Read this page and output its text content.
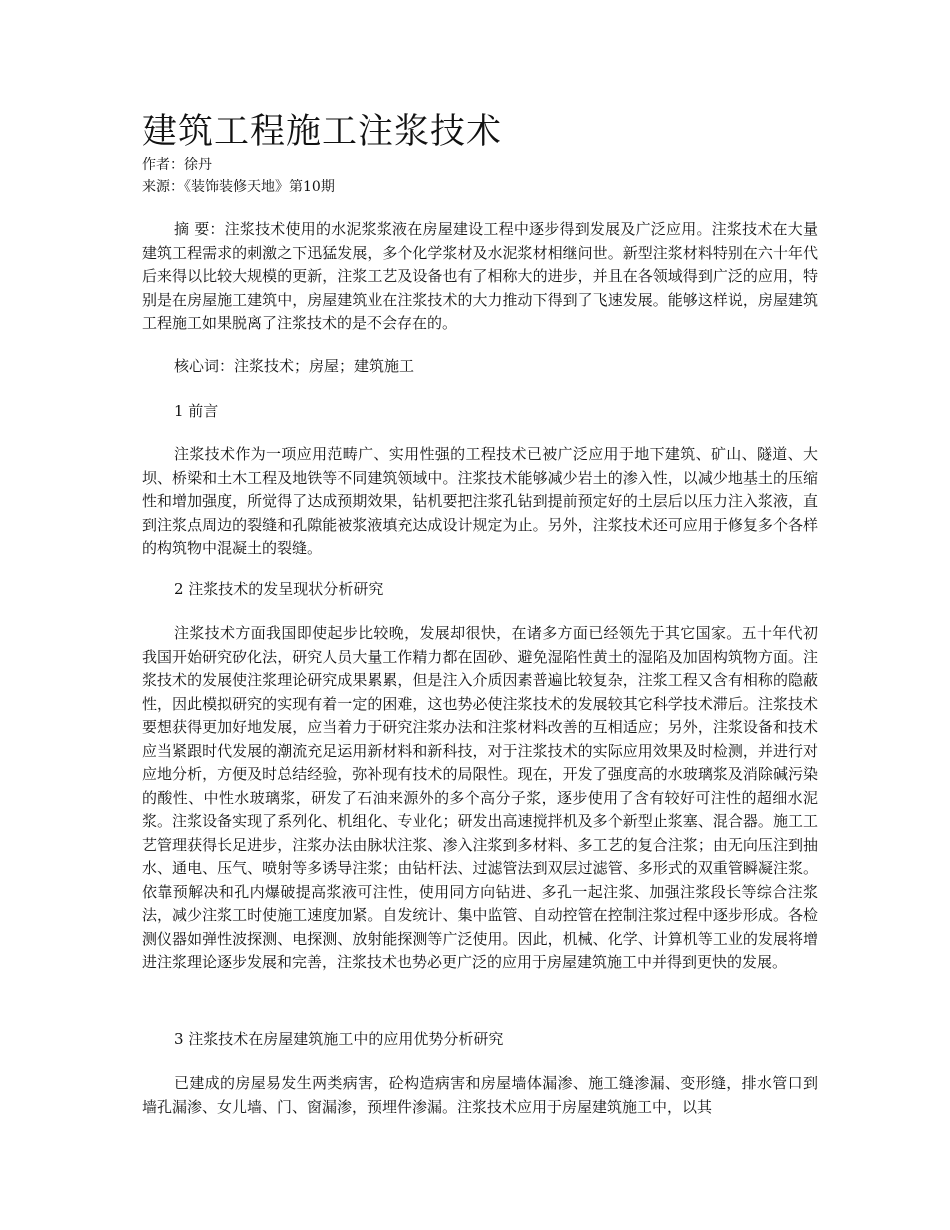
建筑工程施工注浆技术

作者：徐丹

来源：《装饰装修天地》第10期

摘 要：注浆技术使用的水泥浆浆液在房屋建设工程中逐步得到发展及广泛应用。注浆技术在大量建筑工程需求的刺激之下迅猛发展，多个化学浆材及水泥浆材相继问世。新型注浆材料特别在六十年代后来得以比较大规模的更新，注浆工艺及设备也有了相称大的进步，并且在各领域得到广泛的应用，特别是在房屋施工建筑中，房屋建筑业在注浆技术的大力推动下得到了飞速发展。能够这样说，房屋建筑工程施工如果脱离了注浆技术的是不会存在的。

核心词：注浆技术；房屋；建筑施工

1 前言

注浆技术作为一项应用范畴广、实用性强的工程技术已被广泛应用于地下建筑、矿山、隧道、大坝、桥梁和土木工程及地铁等不同建筑领域中。注浆技术能够减少岩土的渗入性，以减少地基土的压缩性和增加强度，所觉得了达成预期效果，钻机要把注浆孔钻到提前预定好的土层后以压力注入浆液，直到注浆点周边的裂缝和孔隙能被浆液填充达成设计规定为止。另外，注浆技术还可应用于修复多个各样的构筑物中混凝土的裂缝。

2 注浆技术的发呈现状分析研究

注浆技术方面我国即使起步比较晚，发展却很快，在诸多方面已经领先于其它国家。五十年代初我国开始研究矽化法，研究人员大量工作精力都在固砂、避免湿陷性黄土的湿陷及加固构筑物方面。注浆技术的发展使注浆理论研究成果累累，但是注入介质因素普遍比较复杂，注浆工程又含有相称的隐蔽性，因此模拟研究的实现有着一定的困难，这也势必使注浆技术的发展较其它科学技术滞后。注浆技术要想获得更加好地发展，应当着力于研究注浆办法和注浆材料改善的互相适应；另外，注浆设备和技术应当紧跟时代发展的潮流充足运用新材料和新科技，对于注浆技术的实际应用效果及时检测，并进行对应地分析，方便及时总结经验，弥补现有技术的局限性。现在，开发了强度高的水玻璃浆及消除碱污染的酸性、中性水玻璃浆，研发了石油来源外的多个高分子浆，逐步使用了含有较好可注性的超细水泥浆。注浆设备实现了系列化、机组化、专业化；研发出高速搅拌机及多个新型止浆塞、混合器。施工工艺管理获得长足进步，注浆办法由脉状注浆、渗入注浆到多材料、多工艺的复合注浆；由无向压注到抽水、通电、压气、喷射等多诱导注浆；由钻杆法、过滤管法到双层过滤管、多形式的双重管瞬凝注浆。依靠预解决和孔内爆破提高浆液可注性，使用同方向钻进、多孔一起注浆、加强注浆段长等综合注浆法，减少注浆工时使施工速度加紧。自发统计、集中监管、自动控管在控制注浆过程中逐步形成。各检测仪器如弹性波探测、电探测、放射能探测等广泛使用。因此，机械、化学、计算机等工业的发展将增进注浆理论逐步发展和完善，注浆技术也势必更广泛的应用于房屋建筑施工中并得到更快的发展。

3 注浆技术在房屋建筑施工中的应用优势分析研究

已建成的房屋易发生两类病害，砼构造病害和房屋墙体漏渗、施工缝渗漏、变形缝，排水管口到墙孔漏渗、女儿墙、门、窗漏渗，预埋件渗漏。注浆技术应用于房屋建筑施工中，以其
